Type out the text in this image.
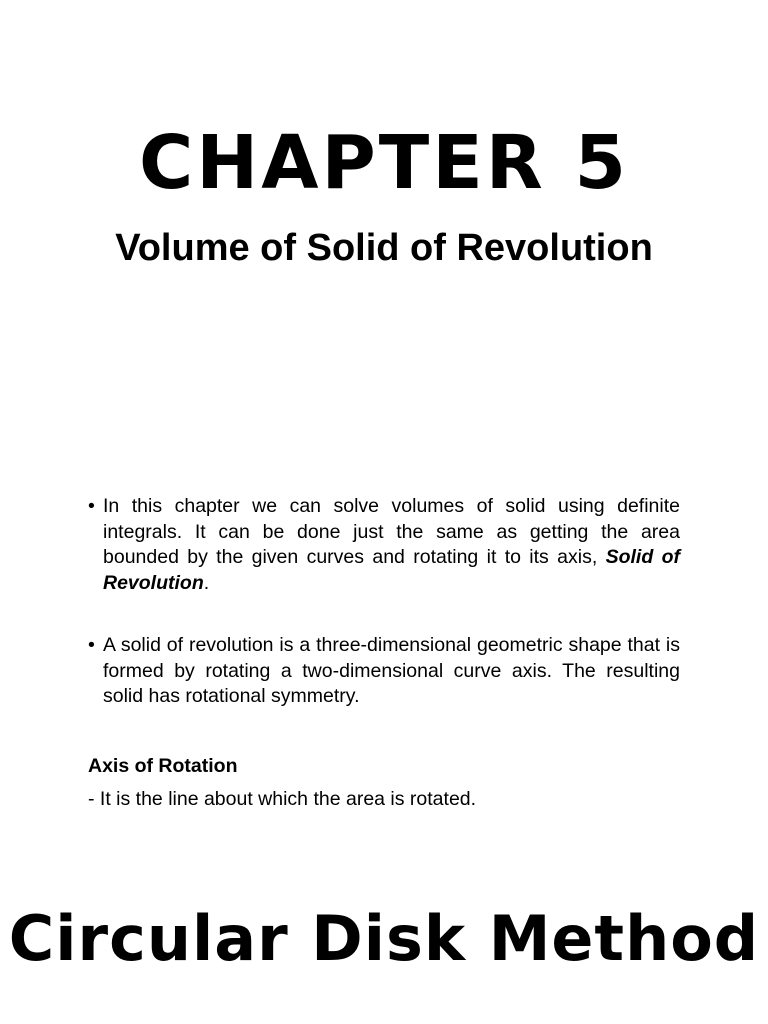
CHAPTER 5
Volume of Solid of Revolution
• In this chapter we can solve volumes of solid using definite integrals. It can be done just the same as getting the area bounded by the given curves and rotating it to its axis, Solid of Revolution.
• A solid of revolution is a three-dimensional geometric shape that is formed by rotating a two-dimensional curve axis. The resulting solid has rotational symmetry.

Axis of Rotation

- It is the line about which the area is rotated.

Circular Disk Method
